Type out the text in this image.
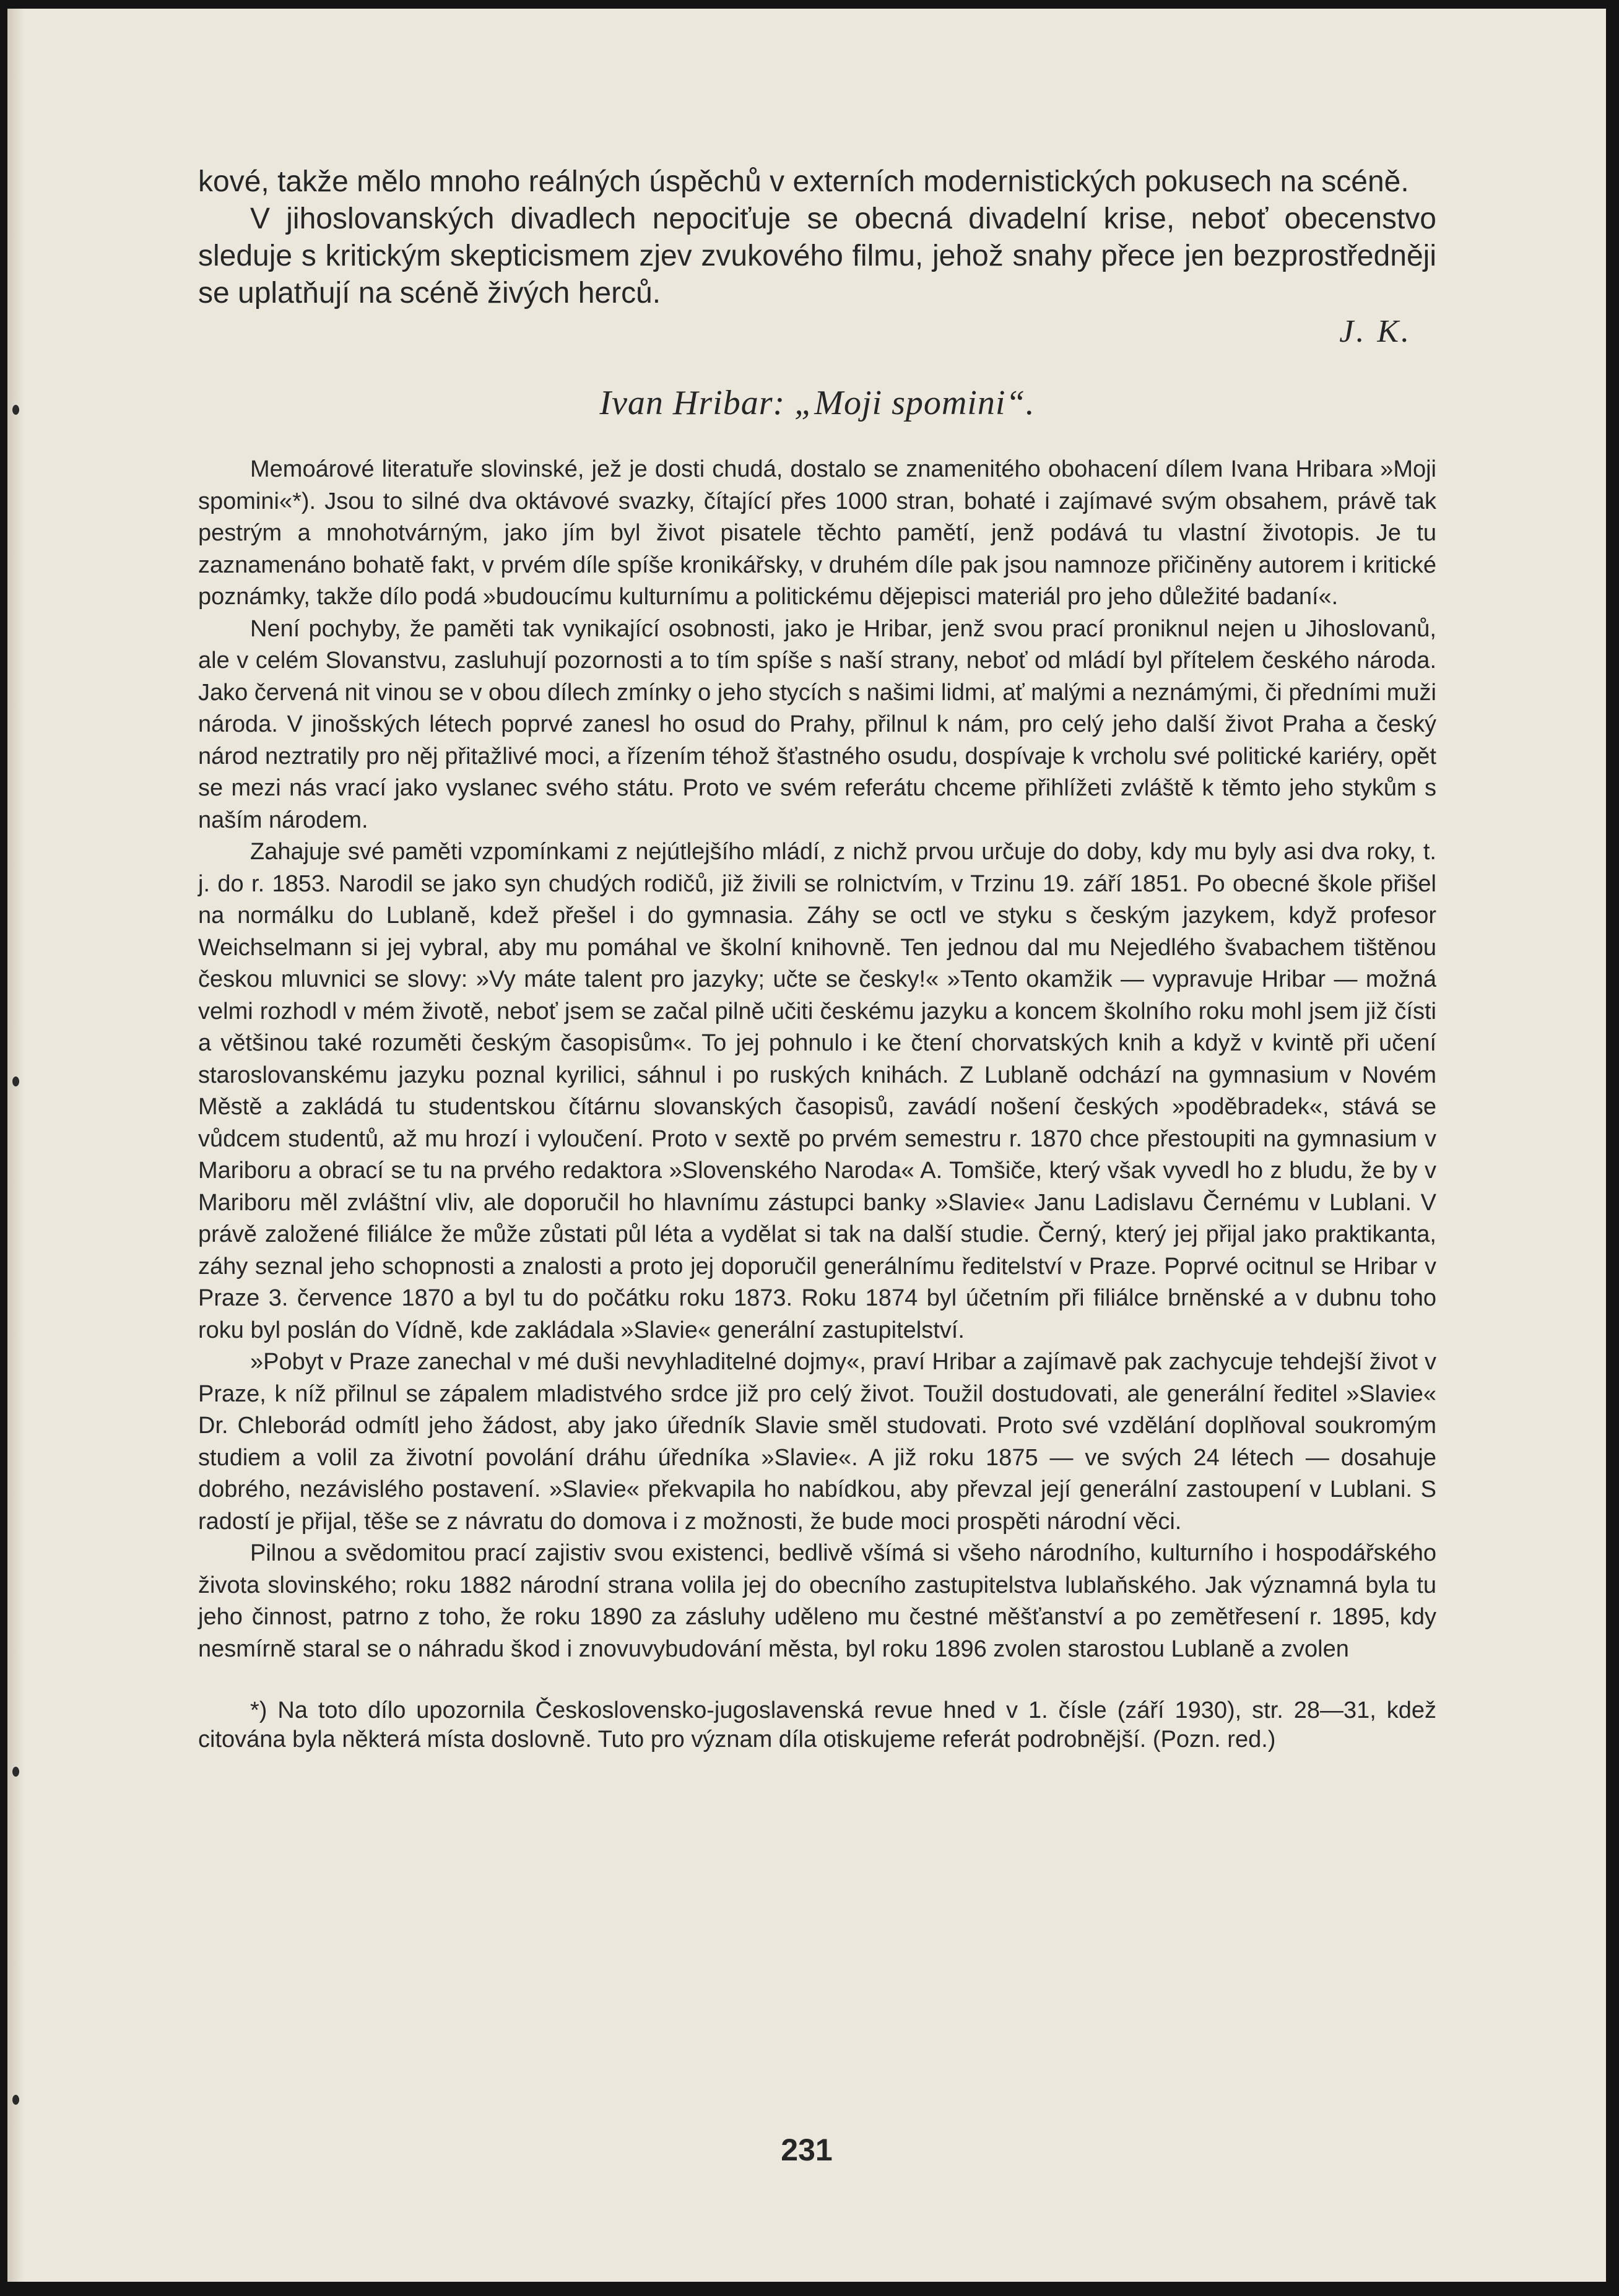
kové, takže mělo mnoho reálných úspěchů v externích modernistických pokusech na scéně.

V jihoslovanských divadlech nepociťuje se obecná divadelní krise, neboť obecenstvo sleduje s kritickým skepticismem zjev zvukového filmu, jehož snahy přece jen bezprostředněji se uplatňují na scéně živých herců.

J. K.
Ivan Hribar: „Moji spomini“.

Memoárové literatuře slovinské, jež je dosti chudá, dostalo se znamenitého obohacení dílem Ivana Hribara »Moji spomini«*). Jsou to silné dva oktávové svazky, čítající přes 1000 stran, bohaté i zajímavé svým obsahem, právě tak pestrým a mnohotvárným, jako jím byl život pisatele těchto pamětí, jenž podává tu vlastní životopis. Je tu zaznamenáno bohatě fakt, v prvém díle spíše kronikářsky, v druhém díle pak jsou namnoze přičiněny autorem i kritické poznámky, takže dílo podá »budoucímu kulturnímu a politickému dějepisci materiál pro jeho důležité badaní«.

Není pochyby, že paměti tak vynikající osobnosti, jako je Hribar, jenž svou prací proniknul nejen u Jihoslovanů, ale v celém Slovanstvu, zasluhují pozornosti a to tím spíše s naší strany, neboť od mládí byl přítelem českého národa. Jako červená nit vinou se v obou dílech zmínky o jeho stycích s našimi lidmi, ať malými a neznámými, či předními muži národa. V jinošských létech poprvé zanesl ho osud do Prahy, přilnul k nám, pro celý jeho další život Praha a český národ neztratily pro něj přitažlivé moci, a řízením téhož šťastného osudu, dospívaje k vrcholu své politické kariéry, opět se mezi nás vrací jako vyslanec svého státu. Proto ve svém referátu chceme přihlížeti zvláště k těmto jeho stykům s naším národem.

Zahajuje své paměti vzpomínkami z nejútlejšího mládí, z nichž prvou určuje do doby, kdy mu byly asi dva roky, t. j. do r. 1853. Narodil se jako syn chudých rodičů, již živili se rolnictvím, v Trzinu 19. září 1851. Po obecné škole přišel na normálku do Lublaně, kdež přešel i do gymnasia. Záhy se octl ve styku s českým jazykem, když profesor Weichselmann si jej vybral, aby mu pomáhal ve školní knihovně. Ten jednou dal mu Nejedlého švabachem tištěnou českou mluvnici se slovy: »Vy máte talent pro jazyky; učte se česky!« »Tento okamžik — vypravuje Hribar — možná velmi rozhodl v mém životě, neboť jsem se začal pilně učiti českému jazyku a koncem školního roku mohl jsem již čísti a většinou také rozuměti českým časopisům«. To jej pohnulo i ke čtení chorvatských knih a když v kvintě při učení staroslovanskému jazyku poznal kyrilici, sáhnul i po ruských knihách. Z Lublaně odchází na gymnasium v Novém Městě a zakládá tu studentskou čítárnu slovanských časopisů, zavádí nošení českých »poděbradek«, stává se vůdcem studentů, až mu hrozí i vyloučení. Proto v sextě po prvém semestru r. 1870 chce přestoupiti na gymnasium v Mariboru a obrací se tu na prvého redaktora »Slovenského Naroda« A. Tomšiče, který však vyvedl ho z bludu, že by v Mariboru měl zvláštní vliv, ale doporučil ho hlavnímu zástupci banky »Slavie« Janu Ladislavu Černému v Lublani. V právě založené filiálce že může zůstati půl léta a vydělat si tak na další studie. Černý, který jej přijal jako praktikanta, záhy seznal jeho schopnosti a znalosti a proto jej doporučil generálnímu ředitelství v Praze. Poprvé ocitnul se Hribar v Praze 3. července 1870 a byl tu do počátku roku 1873. Roku 1874 byl účetním při filiálce brněnské a v dubnu toho roku byl poslán do Vídně, kde zakládala »Slavie« generální zastupitelství.

»Pobyt v Praze zanechal v mé duši nevyhladitelné dojmy«, praví Hribar a zajímavě pak zachycuje tehdejší život v Praze, k níž přilnul se zápalem mladistvého srdce již pro celý život. Toužil dostudovati, ale generální ředitel »Slavie« Dr. Chleborád odmítl jeho žádost, aby jako úředník Slavie směl studovati. Proto své vzdělání doplňoval soukromým studiem a volil za životní povolání dráhu úředníka »Slavie«. A již roku 1875 — ve svých 24 létech — dosahuje dobrého, nezávislého postavení. »Slavie« překvapila ho nabídkou, aby převzal její generální zastoupení v Lublani. S radostí je přijal, těše se z návratu do domova i z možnosti, že bude moci prospěti národní věci.

Pilnou a svědomitou prací zajistiv svou existenci, bedlivě všímá si všeho národního, kulturního i hospodářského života slovinského; roku 1882 národní strana volila jej do obecního zastupitelstva lublaňského. Jak významná byla tu jeho činnost, patrno z toho, že roku 1890 za zásluhy uděleno mu čestné měšťanství a po zemětřesení r. 1895, kdy nesmírně staral se o náhradu škod i znovuvybudování města, byl roku 1896 zvolen starostou Lublaně a zvolen

*) Na toto dílo upozornila Československo-jugoslavenská revue hned v 1. čísle (září 1930), str. 28—31, kdež citována byla některá místa doslovně. Tuto pro význam díla otiskujeme referát podrobnější. (Pozn. red.)

231
